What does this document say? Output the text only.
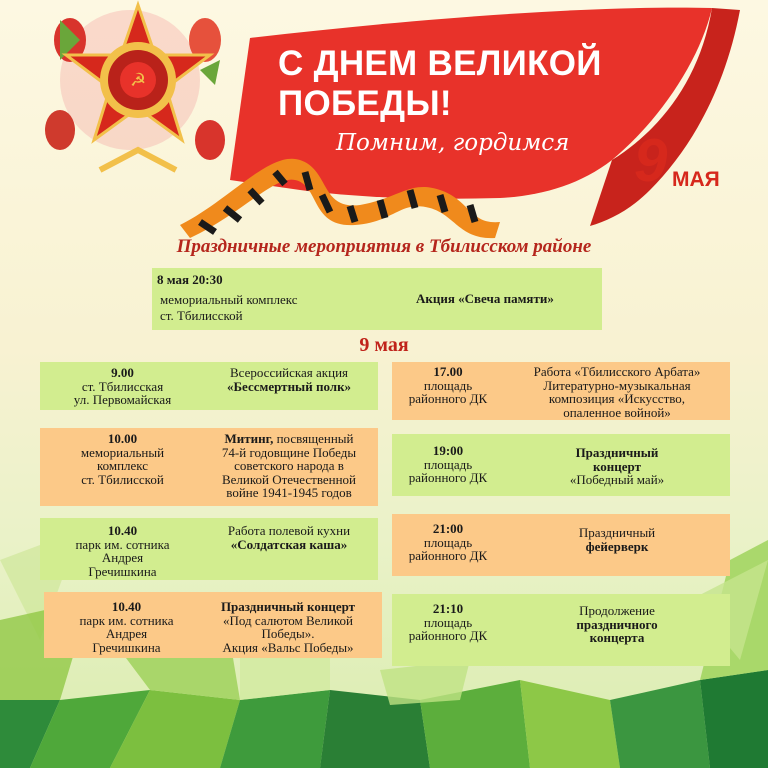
☭	С ДНЕМ ВЕЛИКОЙ
ПОБЕДЫ!
Помним, гордимся 9 МАЯ
Праздничные мероприятия в Тбилисском районе
8 мая 20:30
мемориальный комплекс
ст. Тбилисской
Акция «Свеча памяти»
9 мая
9.00
ст. Тбилисская
ул. Первомайская
Всероссийская акция
«Бессмертный полк»
10.00
мемориальный
комплекс
ст. Тбилисской
Митинг, посвященный
74-й годовщине Победы
советского народа в
Великой Отечественной
войне 1941-1945 годов
10.40
парк им. сотника
Андрея
Гречишкина
Работа полевой кухни
«Солдатская каша»
10.40
парк им. сотника
Андрея
Гречишкина
Праздничный концерт
«Под салютом Великой
Победы».
Акция «Вальс Победы»
17.00
площадь
районного ДК
Работа «Тбилисского Арбата»
Литературно-музыкальная
композиция «Искусство,
опаленное войной»
19:00
площадь
районного ДК
Праздничный
концерт
«Победный май»
21:00
площадь
районного ДК
Праздничный
фейерверк
21:10
площадь
районного ДК
Продолжение
праздничного
концерта
